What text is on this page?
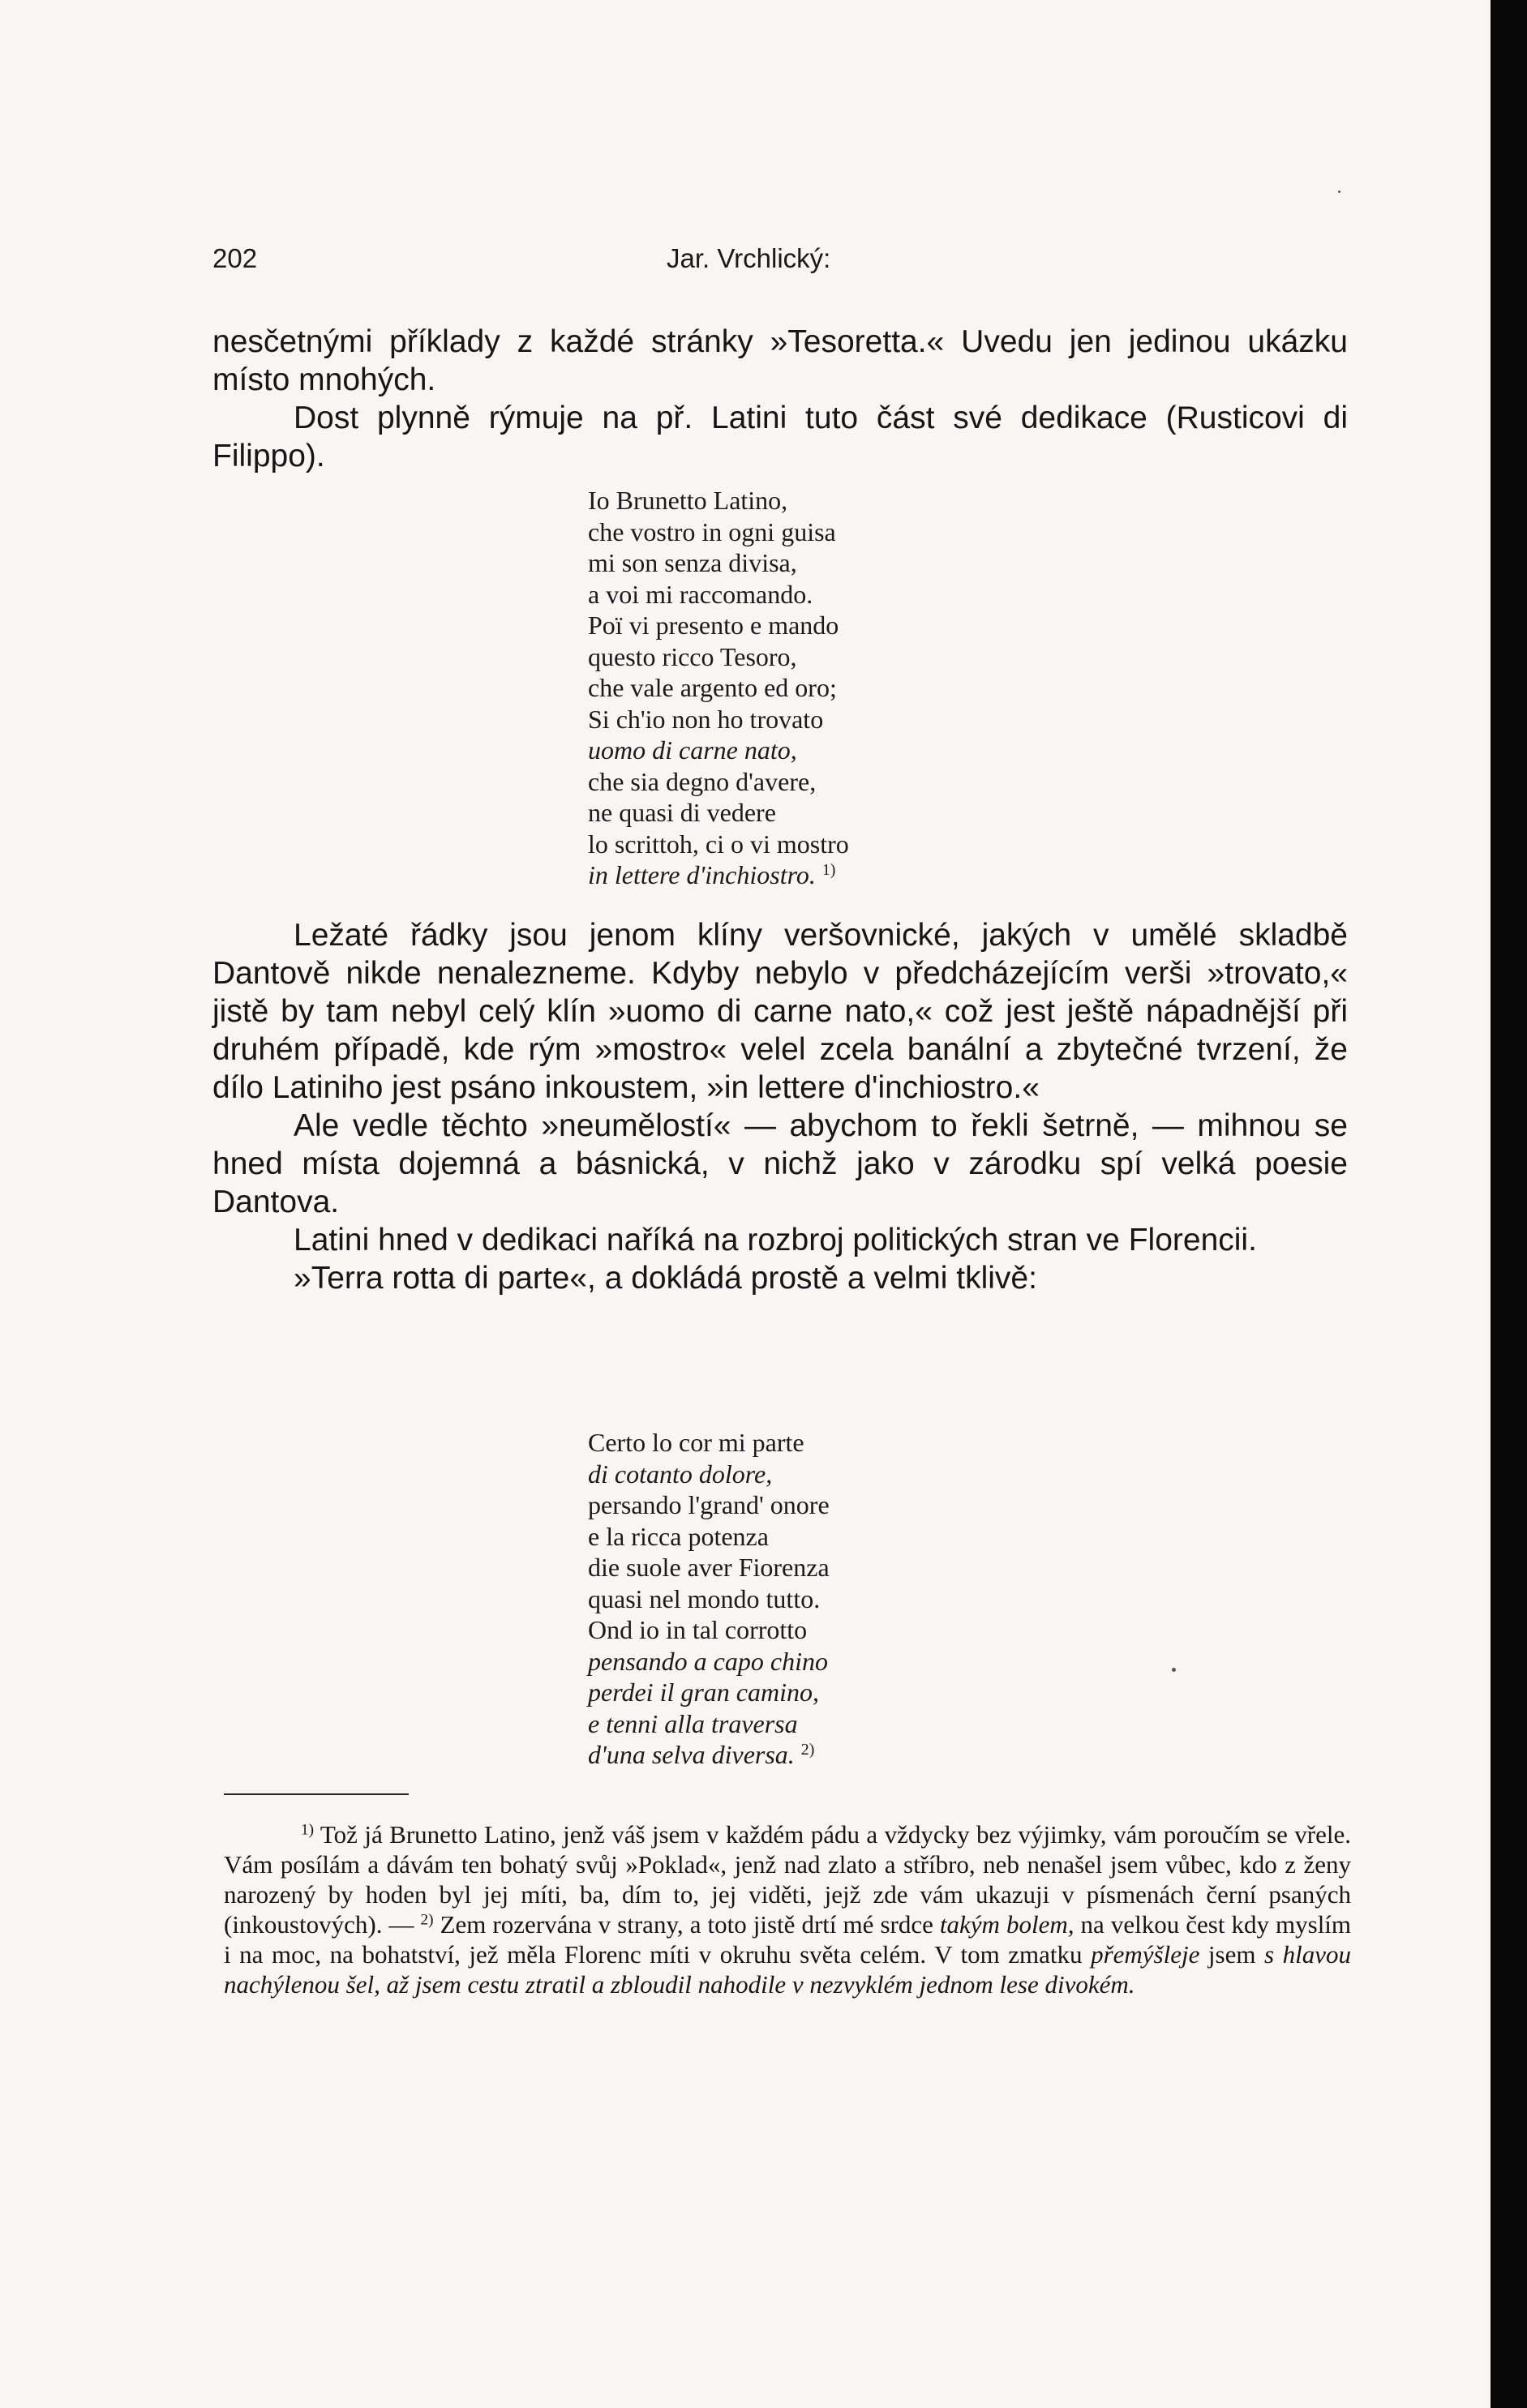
202	Jar. Vrchlický:

nesčetnými příklady z každé stránky »Tesoretta.« Uvedu jen jedinou ukázku místo mnohých.

Dost plynně rýmuje na př. Latini tuto část své dedikace (Rusticovi di Filippo).

Io Brunetto Latino,
che vostro in ogni guisa
mi son senza divisa,
a voi mi raccomando.
Poï vi presento e mando
questo ricco Tesoro,
che vale argento ed oro;
Si ch'io non ho trovato
uomo di carne nato,
che sia degno d'avere,
ne quasi di vedere
lo scrittoh, ci o vi mostro
in lettere d'inchiostro. $^{1)}$

Ležaté řádky jsou jenom klíny veršovnické, jakých v umělé skladbě Dantově nikde nenalezneme. Kdyby nebylo v předcházejícím verši »trovato,« jistě by tam nebyl celý klín »uomo di carne nato,« což jest ještě nápadnější při druhém případě, kde rým »mostro« velel zcela banální a zbytečné tvrzení, že dílo Latiniho jest psáno inkoustem, »in lettere d'inchiostro.«

Ale vedle těchto »neumělostí« — abychom to řekli šetrně, — mihnou se hned místa dojemná a básnická, v nichž jako v zárodku spí velká poesie Dantova.

Latini hned v dedikaci naříká na rozbroj politických stran ve Florencii.

»Terra rotta di parte«, a dokládá prostě a velmi tklivě:

Certo lo cor mi parte
di cotanto dolore,
persando l'grand' onore
e la ricca potenza
die suole aver Fiorenza
quasi nel mondo tutto.
Ond io in tal corrotto
pensando a capo chino
perdei il gran camino,
e tenni alla traversa
d'una selva diversa. $^{2)}$

$^{1)}$ Tož já Brunetto Latino, jenž váš jsem v každém pádu a vždycky bez výjimky, vám poroučím se vřele. Vám posílám a dávám ten bohatý svůj »Poklad«, jenž nad zlato a stříbro, neb nenašel jsem vůbec, kdo z ženy narozený by hoden byl jej míti, ba, dím to, jej viděti, jejž zde vám ukazuji v písmenách černí psaných (inkoustových). — $^{2)}$ Zem rozervána v strany, a toto jistě drtí mé srdce takým bolem, na velkou čest kdy myslím i na moc, na bohatství, jež měla Florenc míti v okruhu světa celém. V tom zmatku přemýšleje jsem s hlavou nachýlenou šel, až jsem cestu ztratil a zbloudil nahodile v nezvyklém jednom lese divokém.
